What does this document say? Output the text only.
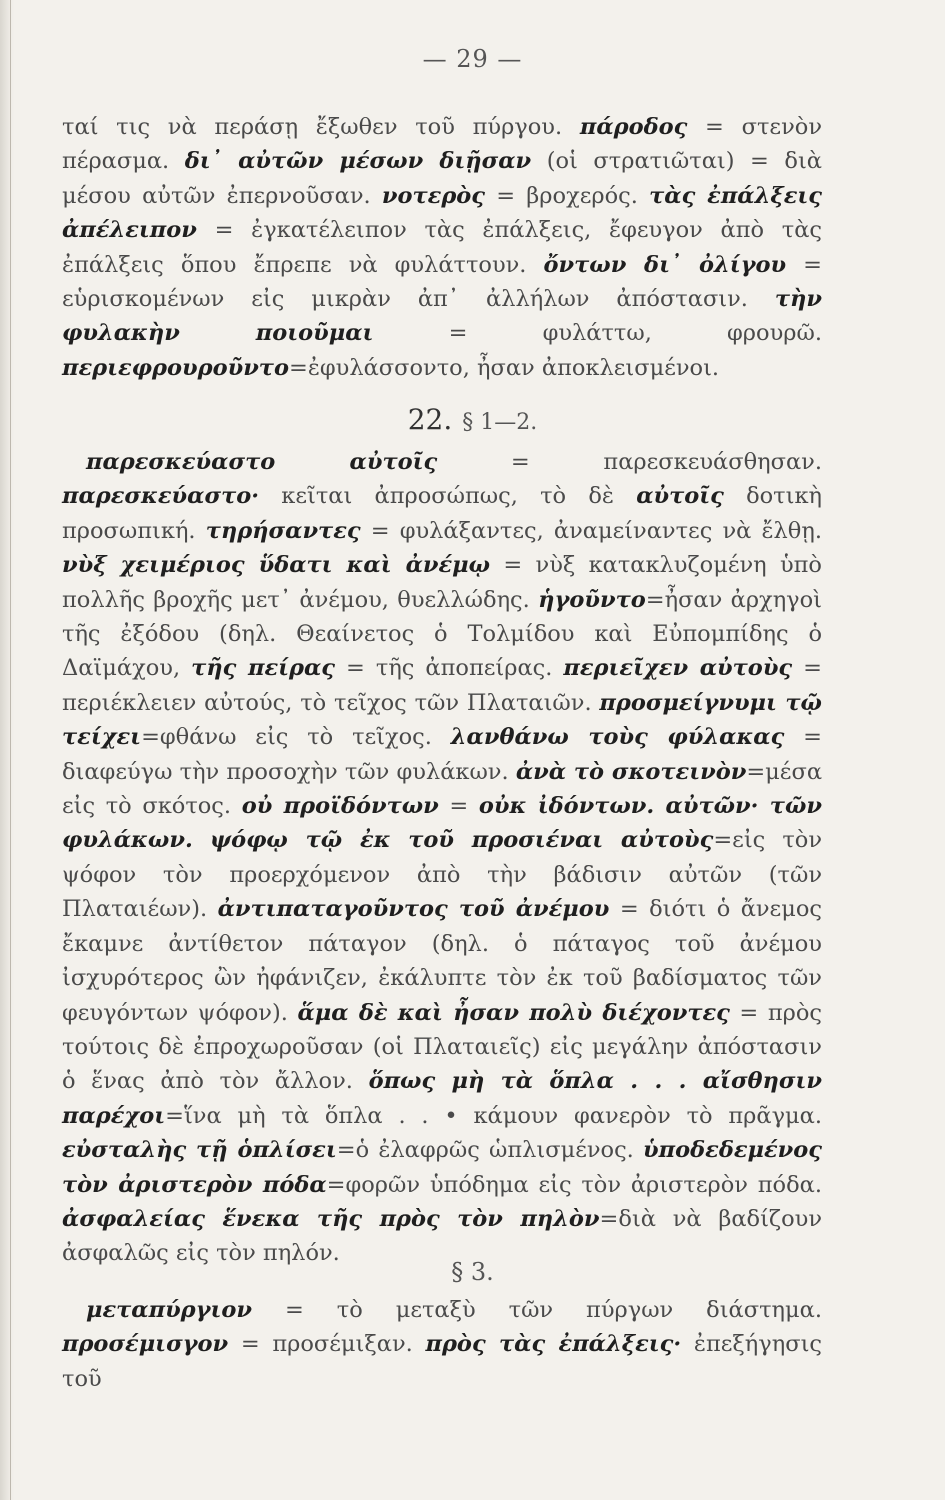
— 29 —

ταί τις νὰ περάσῃ ἔξωθεν τοῦ πύργου. πάροδος = στενὸν πέρασμα. δι᾽ αὐτῶν μέσων διῇσαν (οἱ στρατιῶται) = διὰ μέσου αὐτῶν ἐπερνοῦσαν. νοτερὸς = βροχερός. τὰς ἐπάλξεις ἀπέλειπον = ἐγκατέλειπον τὰς ἐπάλξεις, ἔφευγον ἀπὸ τὰς ἐπάλξεις ὅπου ἔπρεπε νὰ φυλάττουν. ὄντων δι᾽ ὀλίγου = εὑρισκομένων εἰς μικρὰν ἀπ᾽ ἀλλήλων ἀπόστασιν. τὴν φυλακὴν ποιοῦμαι = φυλάττω, φρουρῶ. περιεφρουροῦντο=ἐφυλάσσοντο, ἦσαν ἀποκλεισμένοι.

22. § 1—2.

παρεσκεύαστο αὐτοῖς = παρεσκευάσθησαν. παρεσκεύαστο· κεῖται ἀπροσώπως, τὸ δὲ αὐτοῖς δοτικὴ προσωπική. τηρήσαντες = φυλάξαντες, ἀναμείναντες νὰ ἔλθῃ. νὺξ χειμέριος ὕδατι καὶ ἀνέμῳ = νὺξ κατακλυζομένη ὑπὸ πολλῆς βροχῆς μετ᾽ ἀνέμου, θυελλώδης. ἡγοῦντο=ἦσαν ἀρχηγοὶ τῆς ἐξόδου (δηλ. Θεαίνετος ὁ Τολμίδου καὶ Εὐπομπίδης ὁ Δαϊμάχου, τῆς πείρας = τῆς ἀποπείρας. περιεῖχεν αὐτοὺς = περιέκλειεν αὐτούς, τὸ τεῖχος τῶν Πλαταιῶν. προσμείγνυμι τῷ τείχει=φθάνω εἰς τὸ τεῖχος. λανθάνω τοὺς φύλακας = διαφεύγω τὴν προσοχὴν τῶν φυλάκων. ἀνὰ τὸ σκοτεινὸν=μέσα εἰς τὸ σκότος. οὐ προϊδόντων = οὐκ ἰδόντων. αὐτῶν· τῶν φυλάκων. ψόφῳ τῷ ἐκ τοῦ προσιέναι αὐτοὺς=εἰς τὸν ψόφον τὸν προερχόμενον ἀπὸ τὴν βάδισιν αὐτῶν (τῶν Πλαταιέων). ἀντιπαταγοῦντος τοῦ ἀνέμου = διότι ὁ ἄνεμος ἔκαμνε ἀντίθετον πάταγον (δηλ. ὁ πάταγος τοῦ ἀνέμου ἰσχυρότερος ὢν ἠφάνιζεν, ἐκάλυπτε τὸν ἐκ τοῦ βαδίσματος τῶν φευγόντων ψόφον). ἅμα δὲ καὶ ἦσαν πολὺ διέχοντες = πρὸς τούτοις δὲ ἐπροχωροῦσαν (οἱ Πλαταιεῖς) εἰς μεγάλην ἀπόστασιν ὁ ἕνας ἀπὸ τὸν ἄλλον. ὅπως μὴ τὰ ὅπλα . . . αἴσθησιν παρέχοι=ἵνα μὴ τὰ ὅπλα . . • κάμουν φανερὸν τὸ πρᾶγμα. εὐσταλὴς τῇ ὁπλίσει=ὁ ἐλαφρῶς ὡπλισμένος. ὑποδεδεμένος τὸν ἀριστερὸν πόδα=φορῶν ὑπόδημα εἰς τὸν ἀριστερὸν πόδα. ἀσφαλείας ἕνεκα τῆς πρὸς τὸν πηλὸν=διὰ νὰ βαδίζουν ἀσφαλῶς εἰς τὸν πηλόν.

§ 3.

μεταπύργιον = τὸ μεταξὺ τῶν πύργων διάστημα. προσέμισγον = προσέμιξαν. πρὸς τὰς ἐπάλξεις· ἐπεξήγησις τοῦ
